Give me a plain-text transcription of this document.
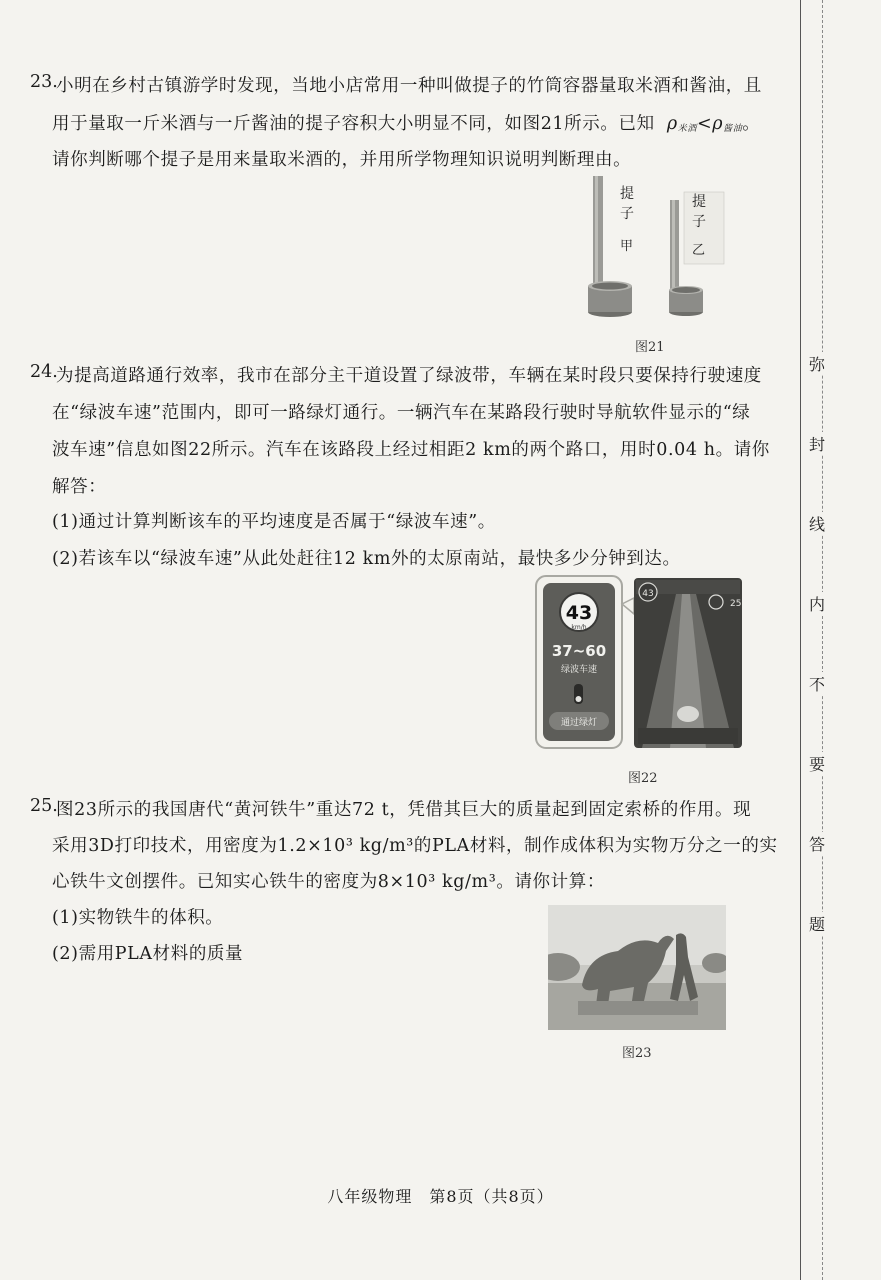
弥
封
线
内
不
要
答
题
23.
小明在乡村古镇游学时发现，当地小店常用一种叫做提子的竹筒容器量取米酒和酱油，且
用于量取一斤米酒与一斤酱油的提子容积大小明显不同，如图21所示。已知 $\rho_{米酒}<\rho_{酱油}$。
请你判断哪个提子是用来量取米酒的，并用所学物理知识说明判断理由。
提
子
甲
提
子
乙
图21
24.
为提高道路通行效率，我市在部分主干道设置了绿波带，车辆在某时段只要保持行驶速度
在“绿波车速”范围内，即可一路绿灯通行。一辆汽车在某路段行驶时导航软件显示的“绿
波车速”信息如图22所示。汽车在该路段上经过相距2 km的两个路口，用时0.04 h。请你
解答：
(1)通过计算判断该车的平均速度是否属于“绿波车速”。
(2)若该车以“绿波车速”从此处赶往12 km外的太原南站，最快多少分钟到达。
43
km/h
37~60
绿波车速
通过绿灯
43
25
图22
25.
图23所示的我国唐代“黄河铁牛”重达72 t，凭借其巨大的质量起到固定索桥的作用。现
采用3D打印技术，用密度为1.2×10³ kg/m³的PLA材料，制作成体积为实物万分之一的实
心铁牛文创摆件。已知实心铁牛的密度为8×10³ kg/m³。请你计算：
(1)实物铁牛的体积。
(2)需用PLA材料的质量
图23
八年级物理　第8页（共8页）
